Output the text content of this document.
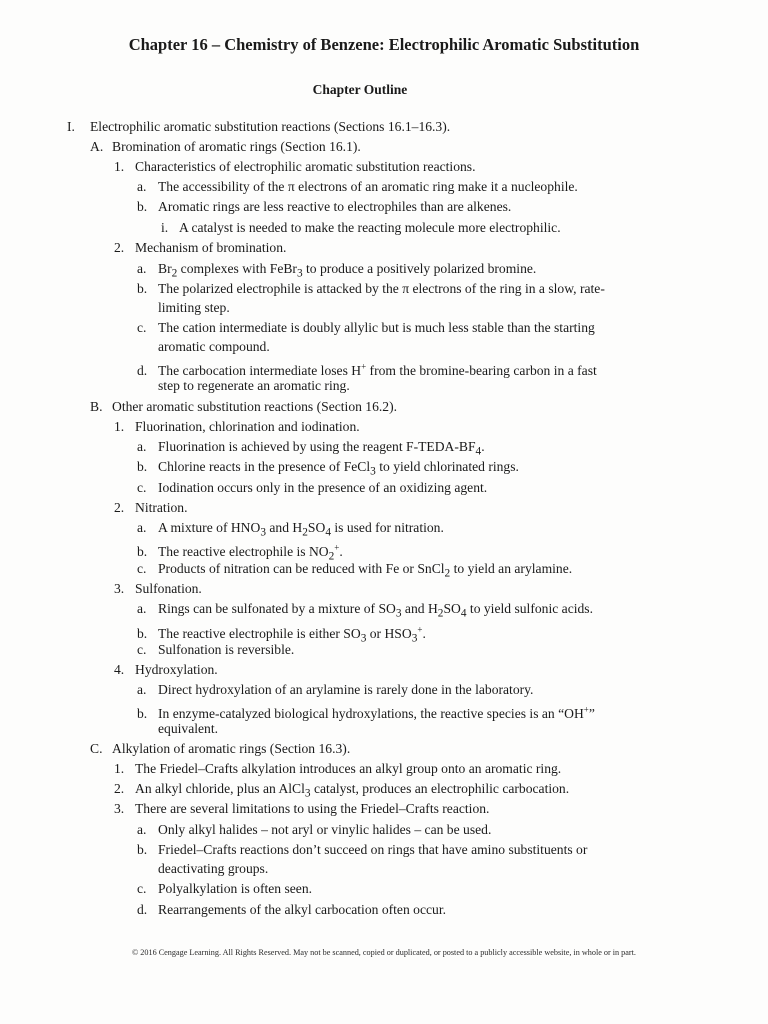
Chapter 16 – Chemistry of Benzene: Electrophilic Aromatic Substitution
Chapter Outline
I. Electrophilic aromatic substitution reactions (Sections 16.1–16.3).
A. Bromination of aromatic rings (Section 16.1).
1. Characteristics of electrophilic aromatic substitution reactions.
a. The accessibility of the π electrons of an aromatic ring make it a nucleophile.
b. Aromatic rings are less reactive to electrophiles than are alkenes.
i. A catalyst is needed to make the reacting molecule more electrophilic.
2. Mechanism of bromination.
a. $Br_2$ complexes with FeBr$_3$ to produce a positively polarized bromine.
b. The polarized electrophile is attacked by the π electrons of the ring in a slow, rate-
limiting step.
c. The cation intermediate is doubly allylic but is much less stable than the starting
aromatic compound.
d. The carbocation intermediate loses H+ from the bromine-bearing carbon in a fast
step to regenerate an aromatic ring.
B. Other aromatic substitution reactions (Section 16.2).
1. Fluorination, chlorination and iodination.
a. Fluorination is achieved by using the reagent $F-TEDA-BF_4$.
b. Chlorine reacts in the presence of FeCl$_3$ to yield chlorinated rings.
c. Iodination occurs only in the presence of an oxidizing agent.
2. Nitration.
a. A mixture of $HNO_3$ and $H_2SO_4$ is used for nitration.
b. The reactive electrophile is $NO_2^+$.
c. Products of nitration can be reduced with Fe or SnCl$_2$ to yield an arylamine.
3. Sulfonation.
a. Rings can be sulfonated by a mixture of $SO_3$ and $H_2SO_4$ to yield sulfonic acids.
b. The reactive electrophile is either $SO_3$ or $HSO_3^+$.
c. Sulfonation is reversible.
4. Hydroxylation.
a. Direct hydroxylation of an arylamine is rarely done in the laboratory.
b. In enzyme-catalyzed biological hydroxylations, the reactive species is an “OH+”
equivalent.
C. Alkylation of aromatic rings (Section 16.3).
1. The Friedel–Crafts alkylation introduces an alkyl group onto an aromatic ring.
2. An alkyl chloride, plus an AlCl$_3$ catalyst, produces an electrophilic carbocation.
3. There are several limitations to using the Friedel–Crafts reaction.
a. Only alkyl halides – not aryl or vinylic halides – can be used.
b. Friedel–Crafts reactions don’t succeed on rings that have amino substituents or
deactivating groups.
c. Polyalkylation is often seen.
d. Rearrangements of the alkyl carbocation often occur.
© 2016 Cengage Learning. All Rights Reserved. May not be scanned, copied or duplicated, or posted to a publicly accessible website, in whole or in part.
